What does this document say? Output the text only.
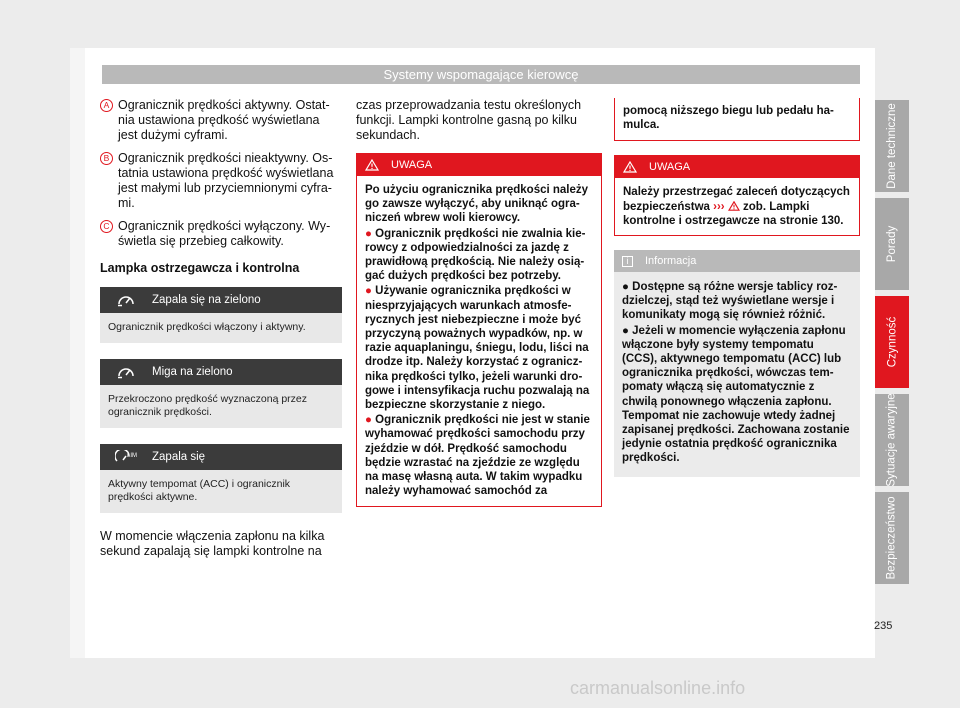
Systemy wspomagające kierowcę
A Ogranicznik prędkości aktywny. Ostatnia ustawiona prędkość wyświetlana jest dużymi cyframi.
B Ogranicznik prędkości nieaktywny. Ostatnia ustawiona prędkość wyświetlana jest małymi lub przyciemnionymi cyframi.
C Ogranicznik prędkości wyłączony. Wyświetla się przebieg całkowity.
Lampka ostrzegawcza i kontrolna
Zapala się na zielono
Ogranicznik prędkości włączony i aktywny.
Miga na zielono
Przekroczono prędkość wyznaczoną przez ogranicznik prędkości.
LIM Zapala się
Aktywny tempomat (ACC) i ogranicznik prędkości aktywne.
W momencie włączenia zapłonu na kilka sekund zapalają się lampki kontrolne na
czas przeprowadzania testu określonych funkcji. Lampki kontrolne gasną po kilku sekundach.
UWAGA

Po użyciu ogranicznika prędkości należy go zawsze wyłączyć, aby uniknąć ograniczeń wbrew woli kierowcy.

● Ogranicznik prędkości nie zwalnia kierowcy z odpowiedzialności za jazdę z prawidłową prędkością. Nie należy osiągać dużych prędkości bez potrzeby.

● Używanie ogranicznika prędkości w niesprzyjających warunkach atmosferycznych jest niebezpieczne i może być przyczyną poważnych wypadków, np. w razie aquaplaningu, śniegu, lodu, liści na drodze itp. Należy korzystać z ogranicznika prędkości tylko, jeżeli warunki drogowe i intensyfikacja ruchu pozwalają na bezpieczne skorzystanie z niego.

● Ogranicznik prędkości nie jest w stanie wyhamować prędkości samochodu przy zjeździe w dół. Prędkość samochodu będzie wzrastać na zjeździe ze względu na masę własną auta. W takim wypadku należy wyhamować samochód za

pomocą niższego biegu lub pedału hamulca.
UWAGA
Należy przestrzegać zaleceń dotyczących bezpieczeństwa ››› zob. Lampki kontrolne i ostrzegawcze na stronie 130.
i	Informacja

● Dostępne są różne wersje tablicy rozdzielczej, stąd też wyświetlane wersje i komunikaty mogą się również różnić.

● Jeżeli w momencie wyłączenia zapłonu włączone były systemy tempomatu (CCS), aktywnego tempomatu (ACC) lub ogranicznika prędkości, wówczas tempomaty włączą się automatycznie z chwilą ponownego włączenia zapłonu. Tempomat nie zachowuje wtedy żadnej zapisanej prędkości. Zachowana zostanie jedynie ostatnia prędkość ogranicznika prędkości.

Dane techniczne
Porady
Czynność
Sytuacje awaryjne
Bezpieczeństwo
235
carmanualsonline.info
